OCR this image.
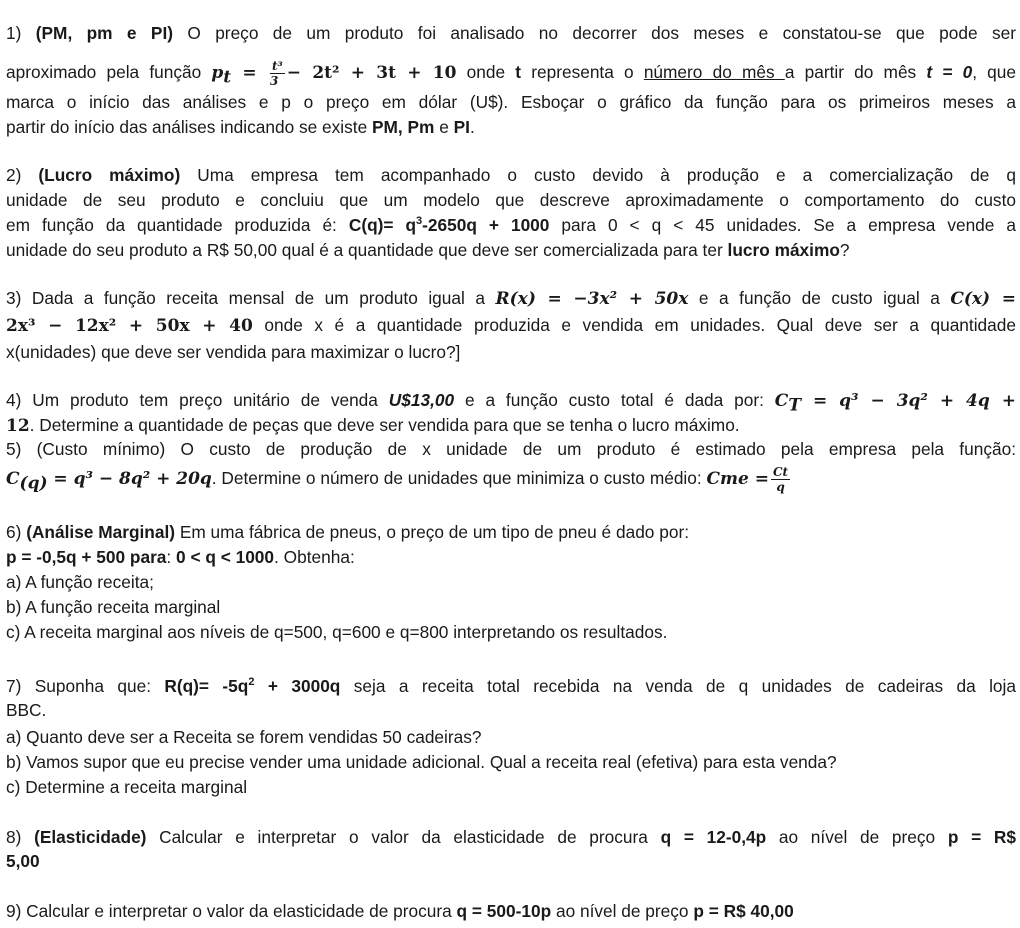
1) (PM, pm e PI) O preço de um produto foi analisado no decorrer dos meses e constatou-se que pode ser
aproximado pela função $p_t = \frac{\text{t³}}{3} - 2t^2 + 3t + 10$ onde t representa o número do mês a partir do mês t = 0, que
marca o início das análises e p o preço em dólar (U$). Esboçar o gráfico da função para os primeiros meses a
partir do início das análises indicando se existe PM, Pm e PI.
2) (Lucro máximo) Uma empresa tem acompanhado o custo devido à produção e a comercialização de q
unidade de seu produto e concluiu que um modelo que descreve aproximadamente o comportamento do custo
em função da quantidade produzida é: $C(q)= q^3-2650q + 1000$ para 0 < q < 45 unidades. Se a empresa vende a
unidade do seu produto a R$ 50,00 qual é a quantidade que deve ser comercializada para ter lucro máximo?
3) Dada a função receita mensal de um produto igual a R(x) = −3x² + 50x e a função de custo igual a C(x) =
2x³ − 12x² + 50x + 40 onde x é a quantidade produzida e vendida em unidades. Qual deve ser a quantidade
x(unidades) que deve ser vendida para maximizar o lucro?]
4) Um produto tem preço unitário de venda U$13,00 e a função custo total é dada por: $C_T = q^3 - 3q^2 + 4q$ +
12. Determine a quantidade de peças que deve ser vendida para que se tenha o lucro máximo.
5) (Custo mínimo) O custo de produção de x unidade de um produto é estimado pela empresa pela função:
$C_{(q)} = q^3 - 8q^2 + 20q$. Determine o número de unidades que minimiza o custo médio: Cme = $\frac{Ct}{q}$
6) (Análise Marginal) Em uma fábrica de pneus, o preço de um tipo de pneu é dado por:
p = -0,5q + 500 para: 0 < q < 1000. Obtenha:
a) A função receita;
b) A função receita marginal
c) A receita marginal aos níveis de q=500, q=600 e q=800 interpretando os resultados.
7) Suponha que: $R(q)= -5q^2 + 3000q$ seja a receita total recebida na venda de q unidades de cadeiras da loja
BBC.
a) Quanto deve ser a Receita se forem vendidas 50 cadeiras?
b) Vamos supor que eu precise vender uma unidade adicional. Qual a receita real (efetiva) para esta venda?
c) Determine a receita marginal
8) (Elasticidade) Calcular e interpretar o valor da elasticidade de procura q = 12-0,4p ao nível de preço p = R$
5,00
9) Calcular e interpretar o valor da elasticidade de procura q = 500-10p ao nível de preço p = R$ 40,00
